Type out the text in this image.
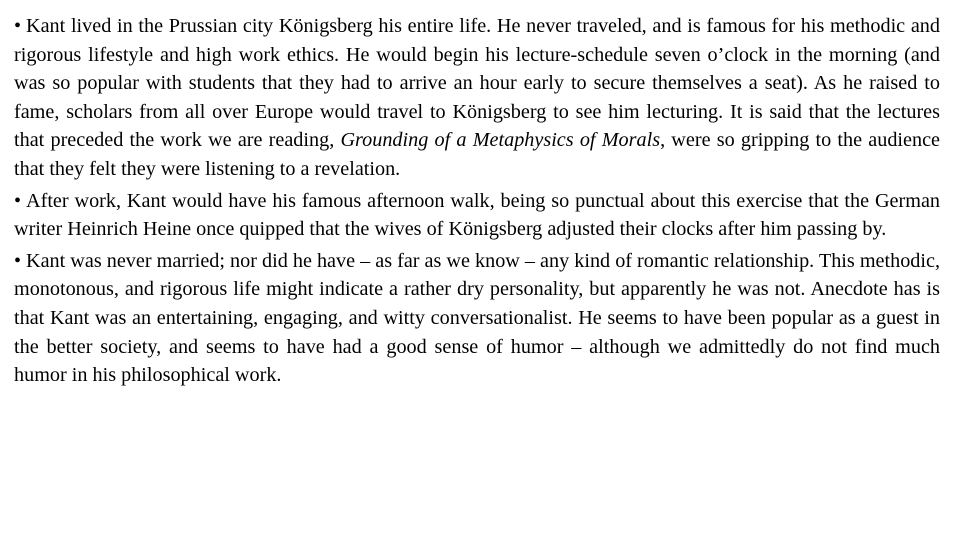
• Kant lived in the Prussian city Königsberg his entire life. He never traveled, and is famous for his methodic and rigorous lifestyle and high work ethics. He would begin his lecture-schedule seven o’clock in the morning (and was so popular with students that they had to arrive an hour early to secure themselves a seat). As he raised to fame, scholars from all over Europe would travel to Königsberg to see him lecturing. It is said that the lectures that preceded the work we are reading, Grounding of a Metaphysics of Morals, were so gripping to the audience that they felt they were listening to a revelation.

• After work, Kant would have his famous afternoon walk, being so punctual about this exercise that the German writer Heinrich Heine once quipped that the wives of Königsberg adjusted their clocks after him passing by.

• Kant was never married; nor did he have – as far as we know – any kind of romantic relationship. This methodic, monotonous, and rigorous life might indicate a rather dry personality, but apparently he was not. Anecdote has is that Kant was an entertaining, engaging, and witty conversationalist. He seems to have been popular as a guest in the better society, and seems to have had a good sense of humor – although we admittedly do not find much humor in his philosophical work.
